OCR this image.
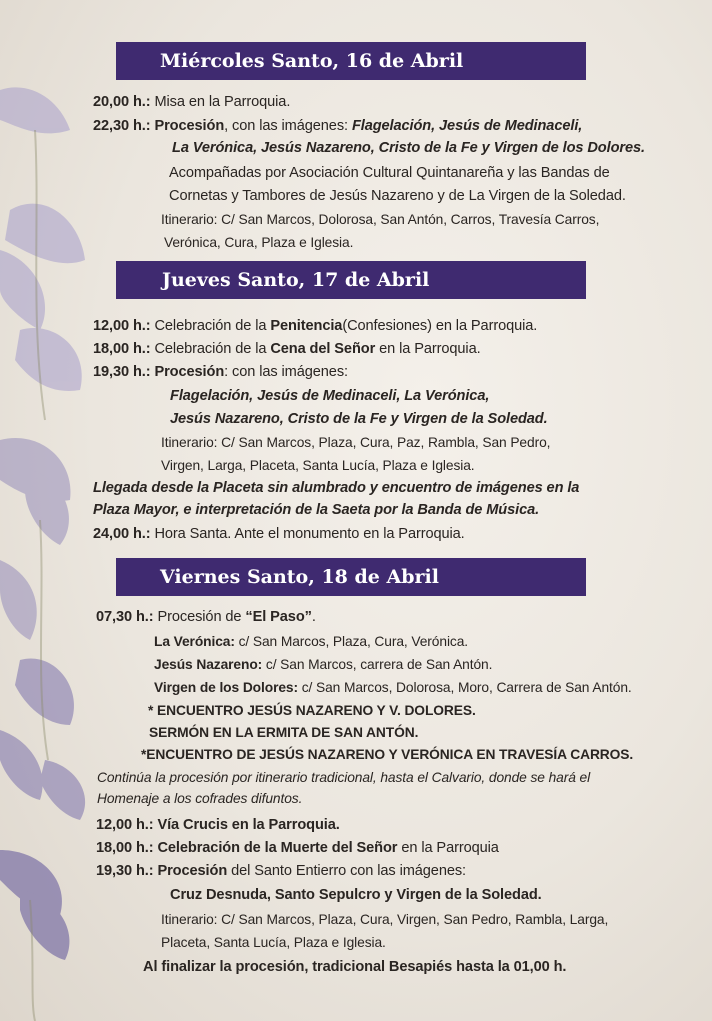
Miércoles Santo, 16 de Abril
20,00 h.: Misa en la Parroquia.
22,30 h.: Procesión, con las imágenes: Flagelación, Jesús de Medinaceli,
La Verónica, Jesús Nazareno, Cristo de la Fe y Virgen de los Dolores.
Acompañadas por Asociación Cultural Quintanareña y las Bandas de
Cornetas y Tambores de Jesús Nazareno y de La Virgen de la Soledad.
Itinerario: C/ San Marcos, Dolorosa, San Antón, Carros, Travesía Carros,
Verónica, Cura, Plaza e Iglesia.
Jueves Santo, 17 de Abril
12,00 h.: Celebración de la Penitencia(Confesiones) en la Parroquia.
18,00 h.: Celebración de la Cena del Señor en la Parroquia.
19,30 h.: Procesión: con las imágenes:
Flagelación, Jesús de Medinaceli, La Verónica,
Jesús Nazareno, Cristo de la Fe y Virgen de la Soledad.
Itinerario: C/ San Marcos, Plaza, Cura, Paz, Rambla, San Pedro,
Virgen, Larga, Placeta, Santa Lucía, Plaza e Iglesia.
Llegada desde la Placeta sin alumbrado y encuentro de imágenes en la
Plaza Mayor, e interpretación de la Saeta por la Banda de Música.
24,00 h.: Hora Santa. Ante el monumento en la Parroquia.
Viernes Santo, 18 de Abril
07,30 h.: Procesión de “El Paso”.
La Verónica: c/ San Marcos, Plaza, Cura, Verónica.
Jesús Nazareno: c/ San Marcos, carrera de San Antón.
Virgen de los Dolores: c/ San Marcos, Dolorosa, Moro, Carrera de San Antón.
* ENCUENTRO JESÚS NAZARENO Y V. DOLORES.
SERMÓN EN LA ERMITA DE SAN ANTÓN.
*ENCUENTRO DE JESÚS NAZARENO Y VERÓNICA EN TRAVESÍA CARROS.
Continúa la procesión por itinerario tradicional, hasta el Calvario, donde se hará el
Homenaje a los cofrades difuntos.
12,00 h.: Vía Crucis en la Parroquia.
18,00 h.: Celebración de la Muerte del Señor en la Parroquia
19,30 h.: Procesión del Santo Entierro con las imágenes:
Cruz Desnuda, Santo Sepulcro y Virgen de la Soledad.
Itinerario: C/ San Marcos, Plaza, Cura, Virgen, San Pedro, Rambla, Larga,
Placeta, Santa Lucía, Plaza e Iglesia.
Al finalizar la procesión, tradicional Besapiés hasta la 01,00 h.
